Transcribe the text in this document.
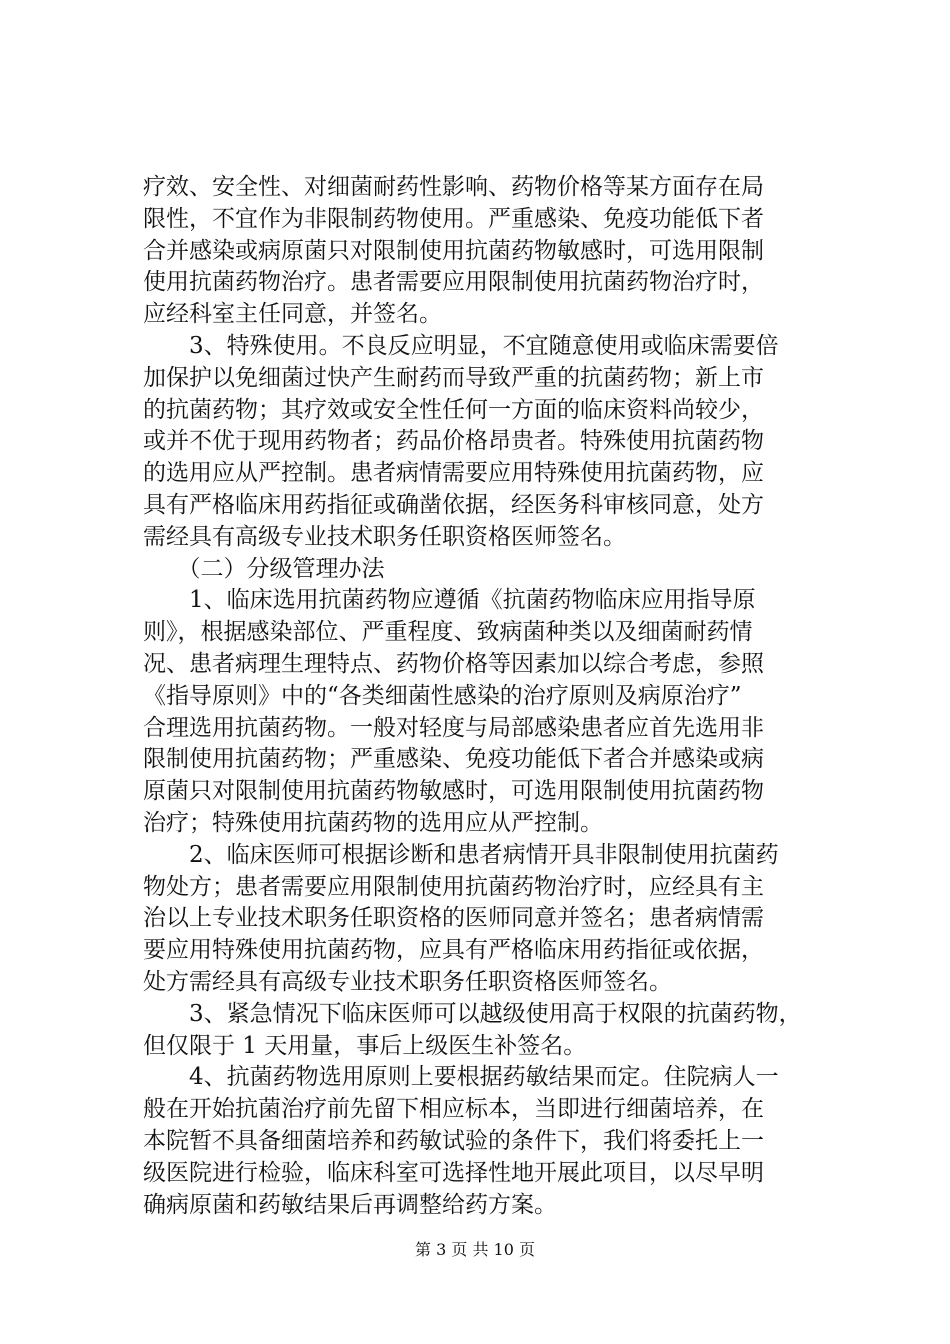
疗效、安全性、对细菌耐药性影响、药物价格等某方面存在局
限性，不宜作为非限制药物使用。严重感染、免疫功能低下者
合并感染或病原菌只对限制使用抗菌药物敏感时，可选用限制
使用抗菌药物治疗。患者需要应用限制使用抗菌药物治疗时，
应经科室主任同意，并签名。
　　3、特殊使用。不良反应明显，不宜随意使用或临床需要倍
加保护以免细菌过快产生耐药而导致严重的抗菌药物；新上市
的抗菌药物；其疗效或安全性任何一方面的临床资料尚较少，
或并不优于现用药物者；药品价格昂贵者。特殊使用抗菌药物
的选用应从严控制。患者病情需要应用特殊使用抗菌药物，应
具有严格临床用药指征或确凿依据，经医务科审核同意，处方
需经具有高级专业技术职务任职资格医师签名。
　　（二）分级管理办法
　　1、临床选用抗菌药物应遵循《抗菌药物临床应用指导原
则》，根据感染部位、严重程度、致病菌种类以及细菌耐药情
况、患者病理生理特点、药物价格等因素加以综合考虑，参照
《指导原则》中的“各类细菌性感染的治疗原则及病原治疗”
合理选用抗菌药物。一般对轻度与局部感染患者应首先选用非
限制使用抗菌药物；严重感染、免疫功能低下者合并感染或病
原菌只对限制使用抗菌药物敏感时，可选用限制使用抗菌药物
治疗；特殊使用抗菌药物的选用应从严控制。
　　2、临床医师可根据诊断和患者病情开具非限制使用抗菌药
物处方；患者需要应用限制使用抗菌药物治疗时，应经具有主
治以上专业技术职务任职资格的医师同意并签名；患者病情需
要应用特殊使用抗菌药物，应具有严格临床用药指征或依据，
处方需经具有高级专业技术职务任职资格医师签名。
　　3、紧急情况下临床医师可以越级使用高于权限的抗菌药物，
但仅限于 1 天用量，事后上级医生补签名。
　　4、抗菌药物选用原则上要根据药敏结果而定。住院病人一
般在开始抗菌治疗前先留下相应标本，当即进行细菌培养，在
本院暂不具备细菌培养和药敏试验的条件下，我们将委托上一
级医院进行检验，临床科室可选择性地开展此项目，以尽早明
确病原菌和药敏结果后再调整给药方案。
第 3 页 共 10 页
